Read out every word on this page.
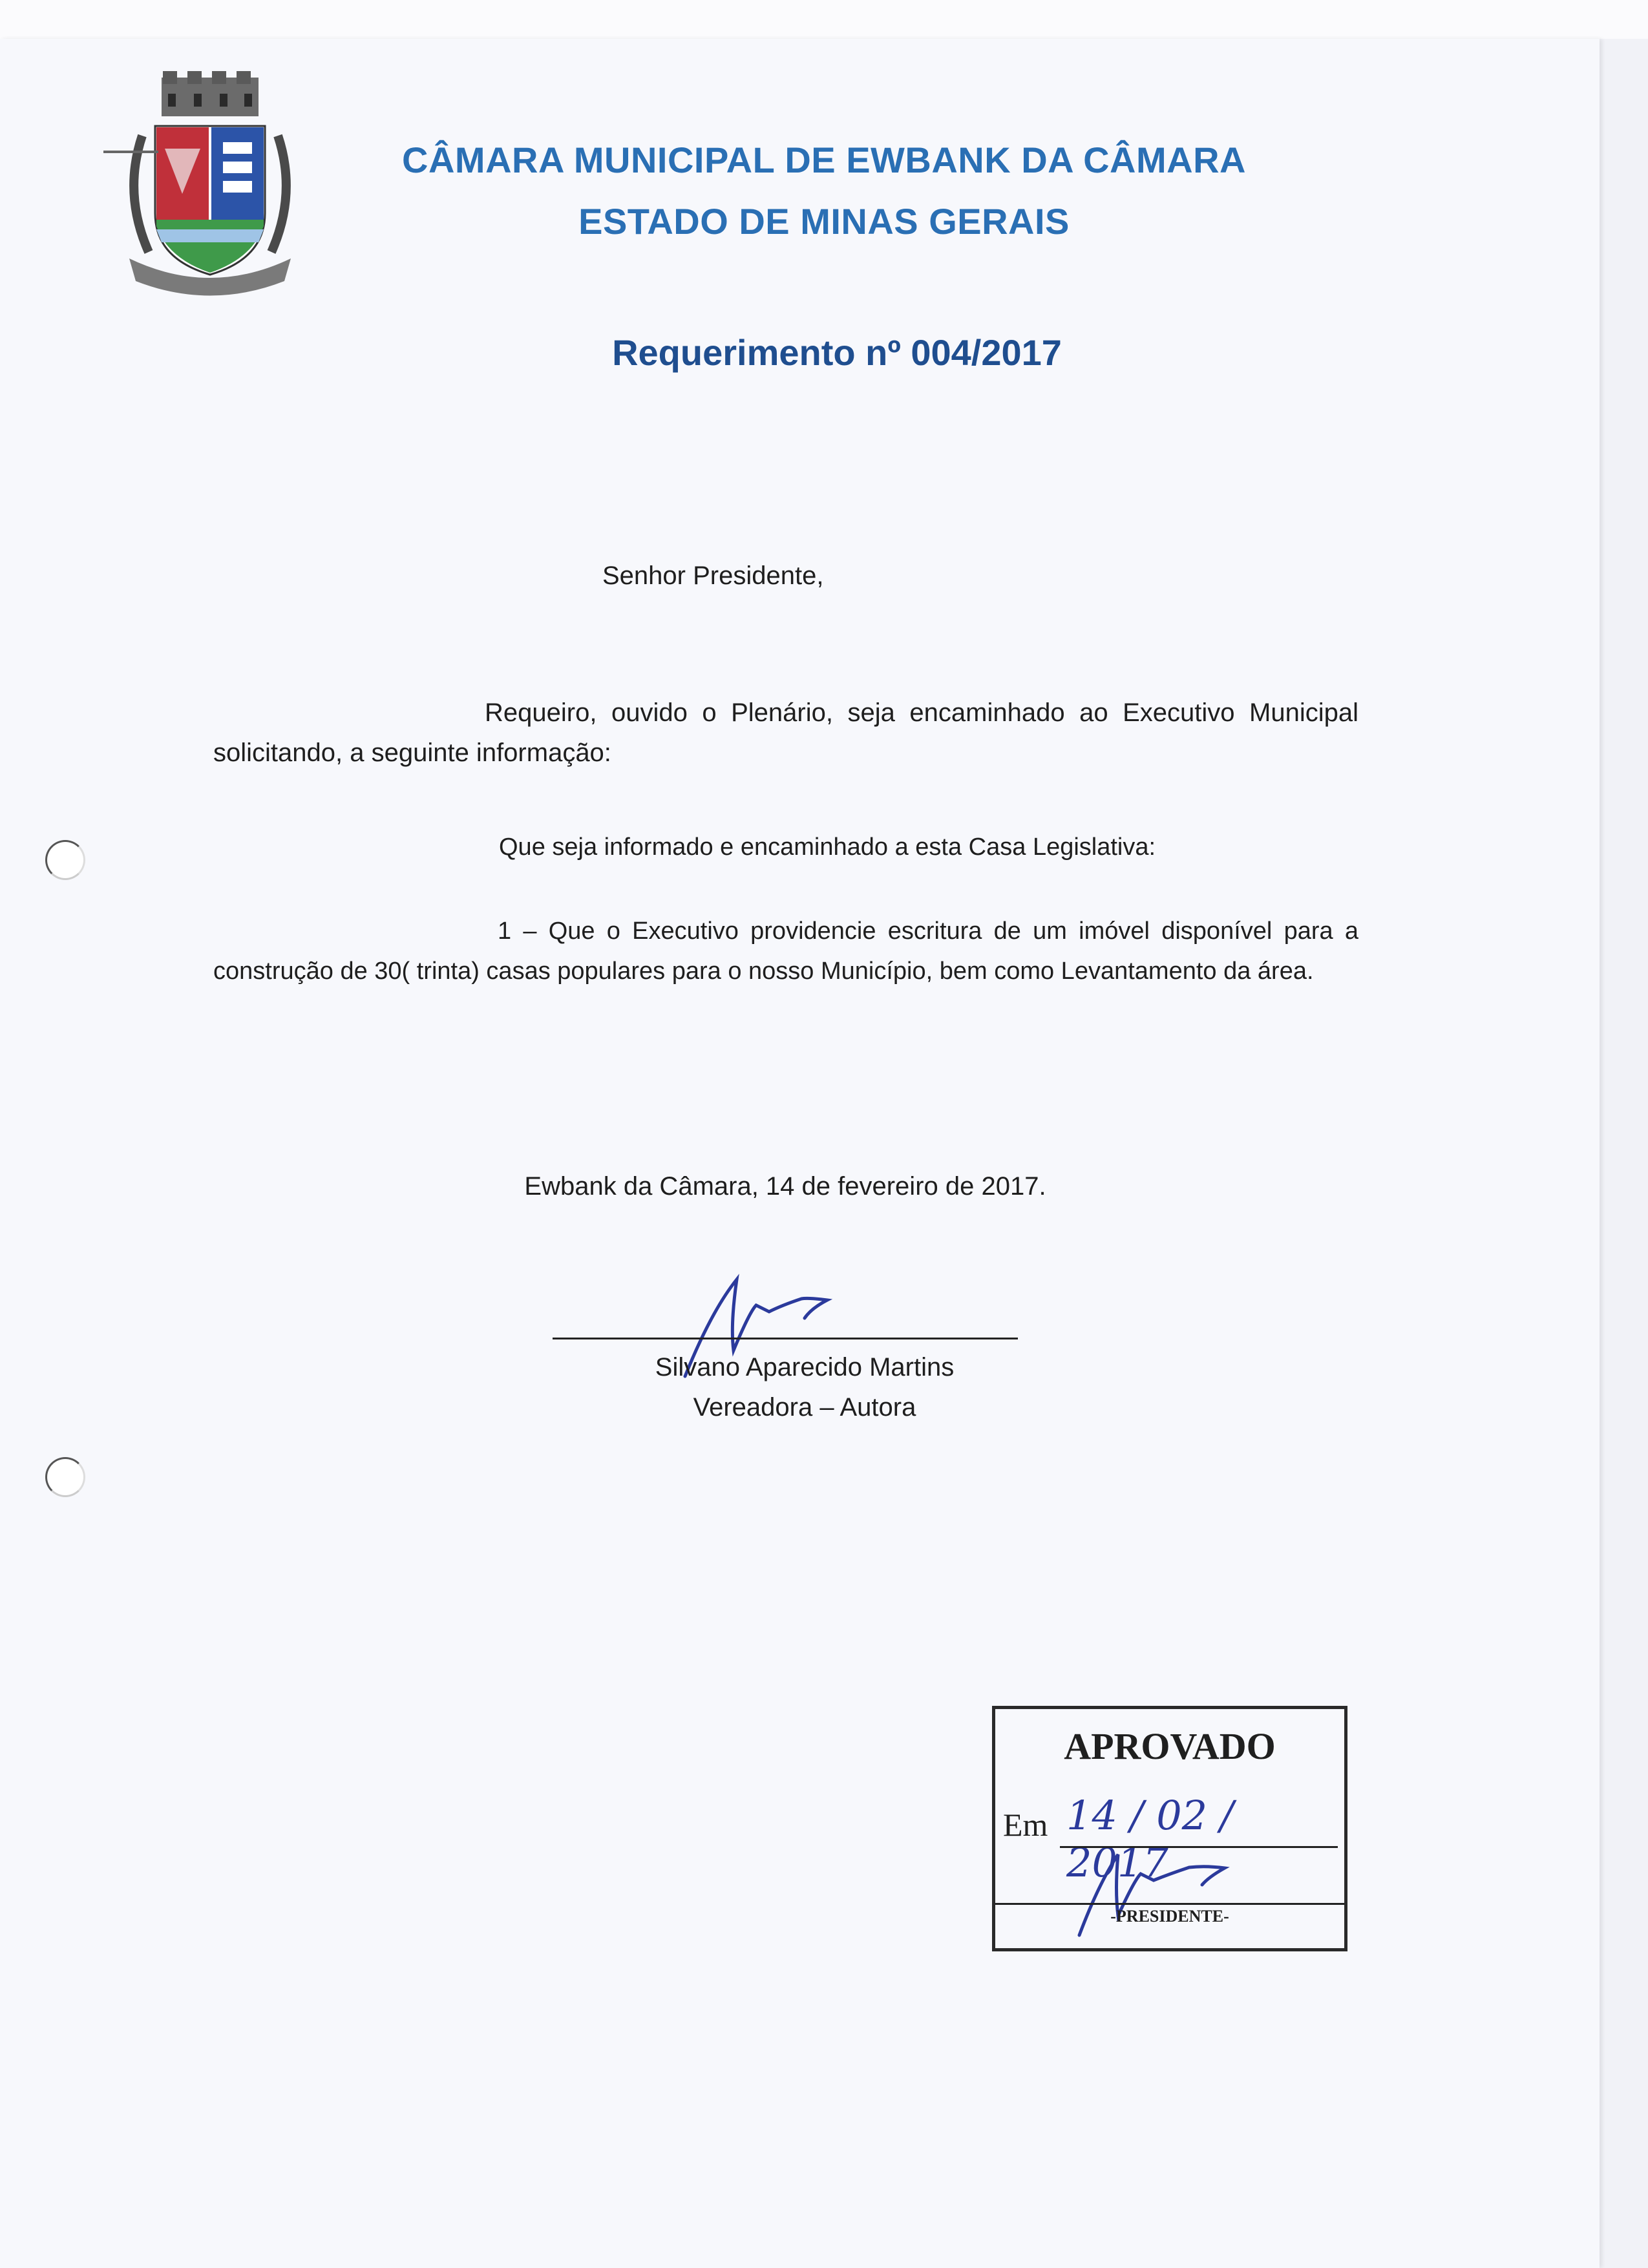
CÂMARA MUNICIPAL DE EWBANK DA CÂMARA
ESTADO DE MINAS GERAIS
Requerimento nº 004/2017
Senhor Presidente,
Requeiro, ouvido o Plenário, seja encaminhado ao Executivo Municipal solicitando, a seguinte informação:
Que seja informado e encaminhado a esta Casa Legislativa:
1 – Que o Executivo providencie escritura de um imóvel disponível para a construção de 30( trinta) casas populares para o nosso Município, bem como Levantamento da área.
Ewbank da Câmara, 14 de fevereiro de 2017.
Silvano Aparecido Martins
Vereadora – Autora
APROVADO
Em 14 / 02 / 2017
-PRESIDENTE-
